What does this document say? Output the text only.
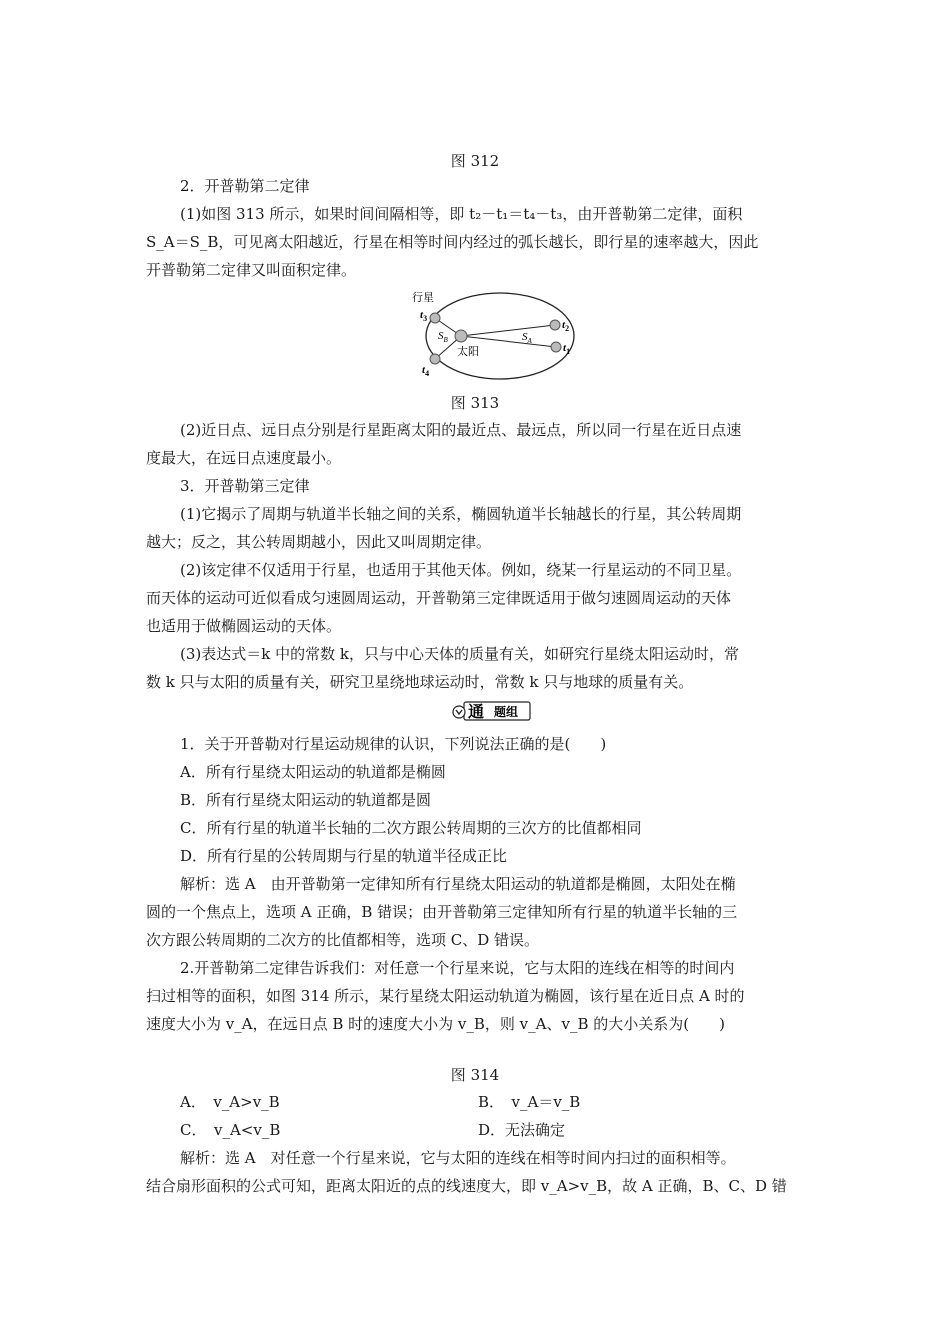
图 312
2．开普勒第二定律
(1)如图 313 所示，如果时间间隔相等，即 t₂－t₁＝t₄－t₃，由开普勒第二定律，面积
S_A＝S_B，可见离太阳越近，行星在相等时间内经过的弧长越长，即行星的速率越大，因此
开普勒第二定律又叫面积定律。
行星
$t_3$
$t_4$
$t_2$
$t_1$
$S_B$	$S_A$
太阳
图 313
(2)近日点、远日点分别是行星距离太阳的最近点、最远点，所以同一行星在近日点速
度最大，在远日点速度最小。
3．开普勒第三定律
(1)它揭示了周期与轨道半长轴之间的关系，椭圆轨道半长轴越长的行星，其公转周期
越大；反之，其公转周期越小，因此又叫周期定律。
(2)该定律不仅适用于行星，也适用于其他天体。例如，绕某一行星运动的不同卫星。
而天体的运动可近似看成匀速圆周运动，开普勒第三定律既适用于做匀速圆周运动的天体
也适用于做椭圆运动的天体。
(3)表达式＝k 中的常数 k，只与中心天体的质量有关，如研究行星绕太阳运动时，常
数 k 只与太阳的质量有关，研究卫星绕地球运动时，常数 k 只与地球的质量有关。
通 题组
1．关于开普勒对行星运动规律的认识，下列说法正确的是(　　)
A．所有行星绕太阳运动的轨道都是椭圆
B．所有行星绕太阳运动的轨道都是圆
C．所有行星的轨道半长轴的二次方跟公转周期的三次方的比值都相同
D．所有行星的公转周期与行星的轨道半径成正比
解析：选 A　由开普勒第一定律知所有行星绕太阳运动的轨道都是椭圆，太阳处在椭
圆的一个焦点上，选项 A 正确，B 错误；由开普勒第三定律知所有行星的轨道半长轴的三
次方跟公转周期的二次方的比值都相等，选项 C、D 错误。
2.开普勒第二定律告诉我们：对任意一个行星来说，它与太阳的连线在相等的时间内
扫过相等的面积，如图 314 所示，某行星绕太阳运动轨道为椭圆，该行星在近日点 A 时的
速度大小为 v_A，在远日点 B 时的速度大小为 v_B，则 v_A、v_B 的大小关系为(　　)
图 314
A．　v_A>v_B	B．　v_A＝v_B
C．　v_A<v_B	D．无法确定
解析：选 A　对任意一个行星来说，它与太阳的连线在相等时间内扫过的面积相等。
结合扇形面积的公式可知，距离太阳近的点的线速度大，即 v_A>v_B，故 A 正确，B、C、D 错
